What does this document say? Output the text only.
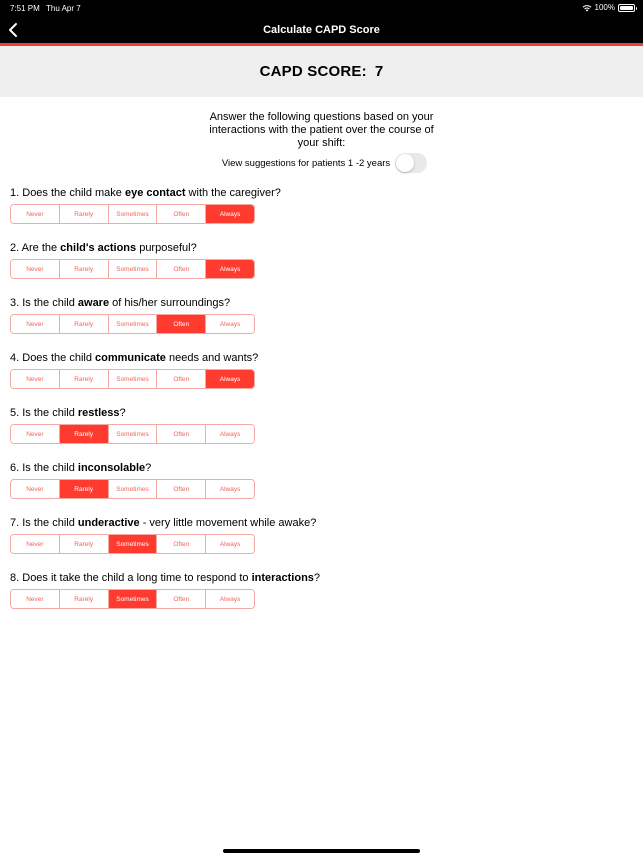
7:51 PM Thu Apr 7	100%
Calculate CAPD Score
CAPD SCORE: 7
Answer the following questions based on your interactions with the patient over the course of your shift:
View suggestions for patients 1 -2 years
1. Does the child make eye contact with the caregiver?
Never	Rarely	Sometimes	Often	Always
2. Are the child's actions purposeful?
Never	Rarely	Sometimes	Often	Always
3. Is the child aware of his/her surroundings?
Never	Rarely	Sometimes	Often	Always
4. Does the child communicate needs and wants?
Never	Rarely	Sometimes	Often	Always
5. Is the child restless?
Never	Rarely	Sometimes	Often	Always
6. Is the child inconsolable?
Never	Rarely	Sometimes	Often	Always
7. Is the child underactive - very little movement while awake?
Never	Rarely	Sometimes	Often	Always
8. Does it take the child a long time to respond to interactions?
Never	Rarely	Sometimes	Often	Always
